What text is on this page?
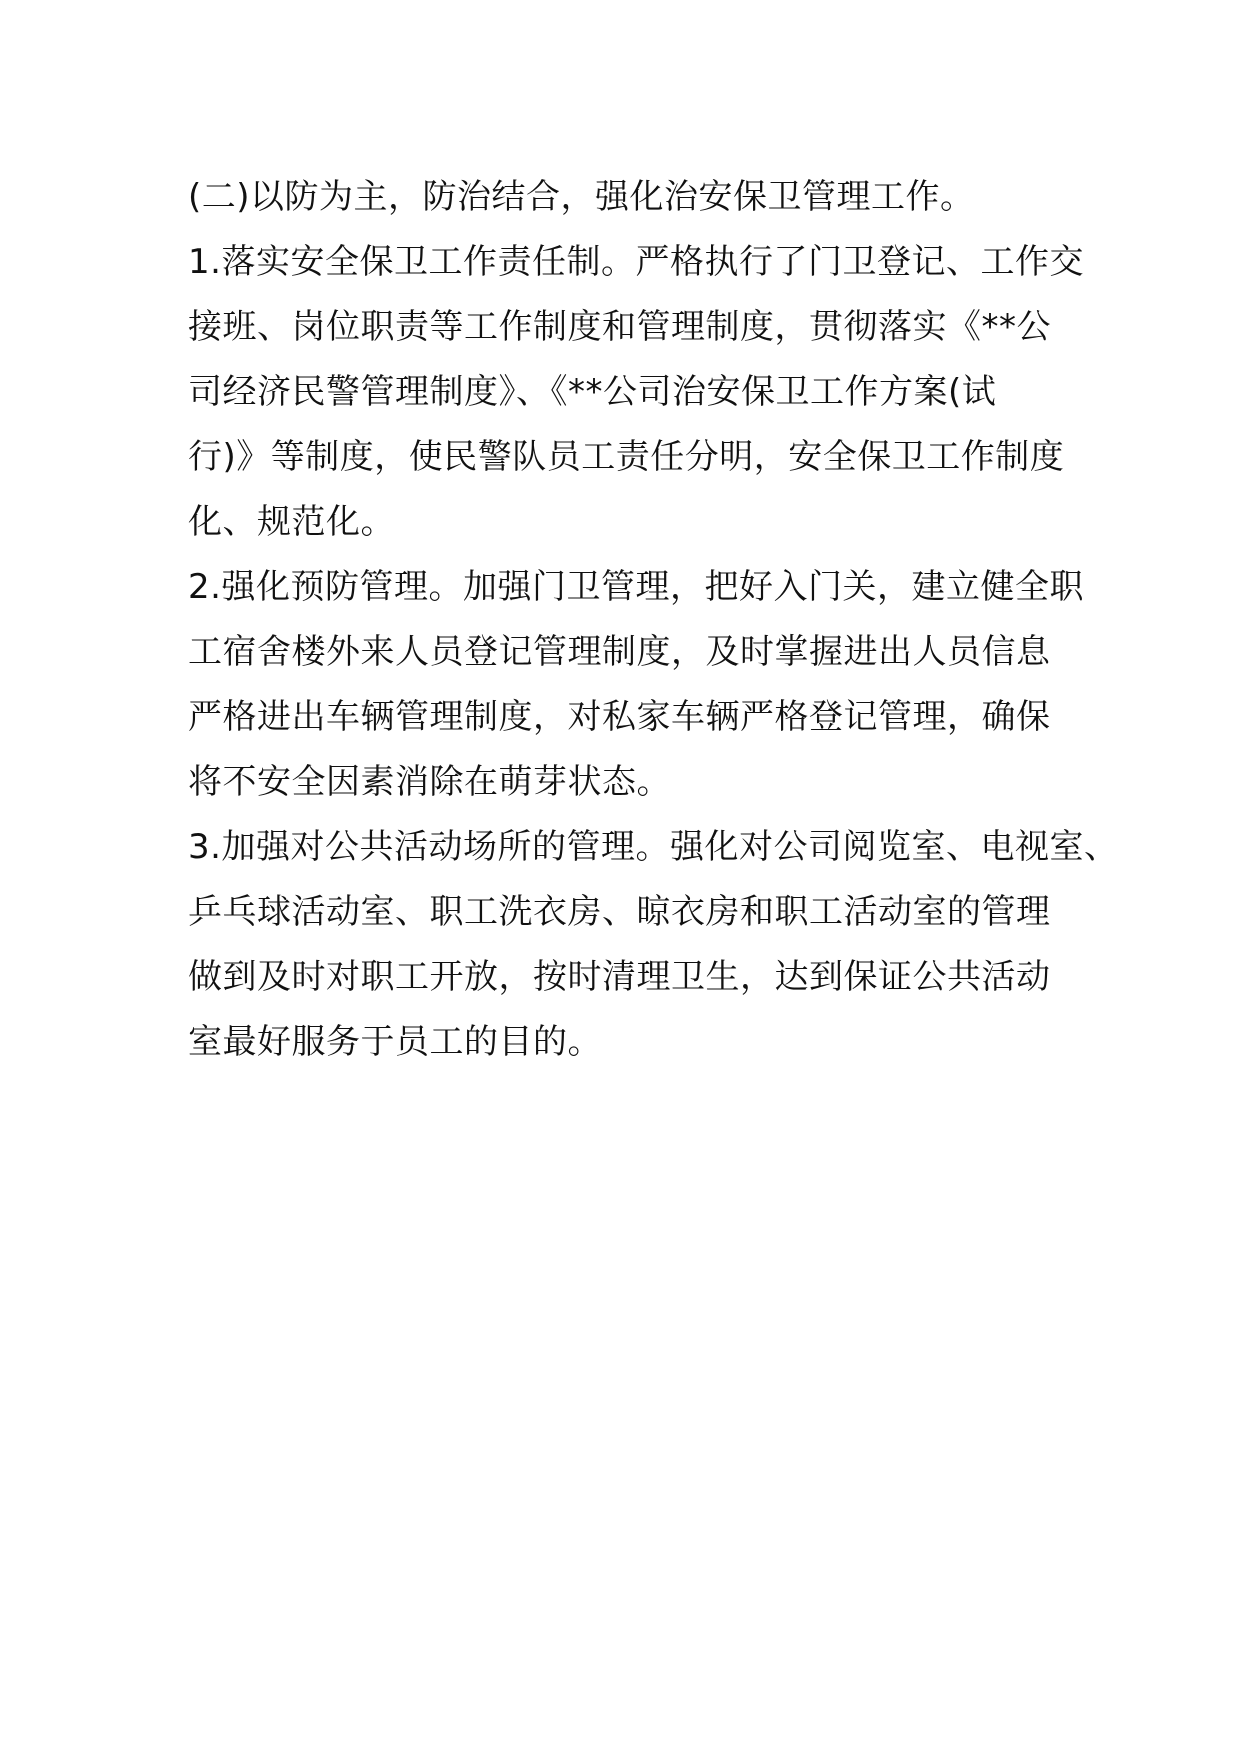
(二)以防为主，防治结合，强化治安保卫管理工作。
1.落实安全保卫工作责任制。严格执行了门卫登记、工作交
接班、岗位职责等工作制度和管理制度，贯彻落实《**公
司经济民警管理制度》、《**公司治安保卫工作方案(试
行)》等制度，使民警队员工责任分明，安全保卫工作制度
化、规范化。
2.强化预防管理。加强门卫管理，把好入门关，建立健全职
工宿舍楼外来人员登记管理制度，及时掌握进出人员信息
严格进出车辆管理制度，对私家车辆严格登记管理，确保
将不安全因素消除在萌芽状态。
3.加强对公共活动场所的管理。强化对公司阅览室、电视室、
乒乓球活动室、职工洗衣房、晾衣房和职工活动室的管理
做到及时对职工开放，按时清理卫生，达到保证公共活动
室最好服务于员工的目的。
